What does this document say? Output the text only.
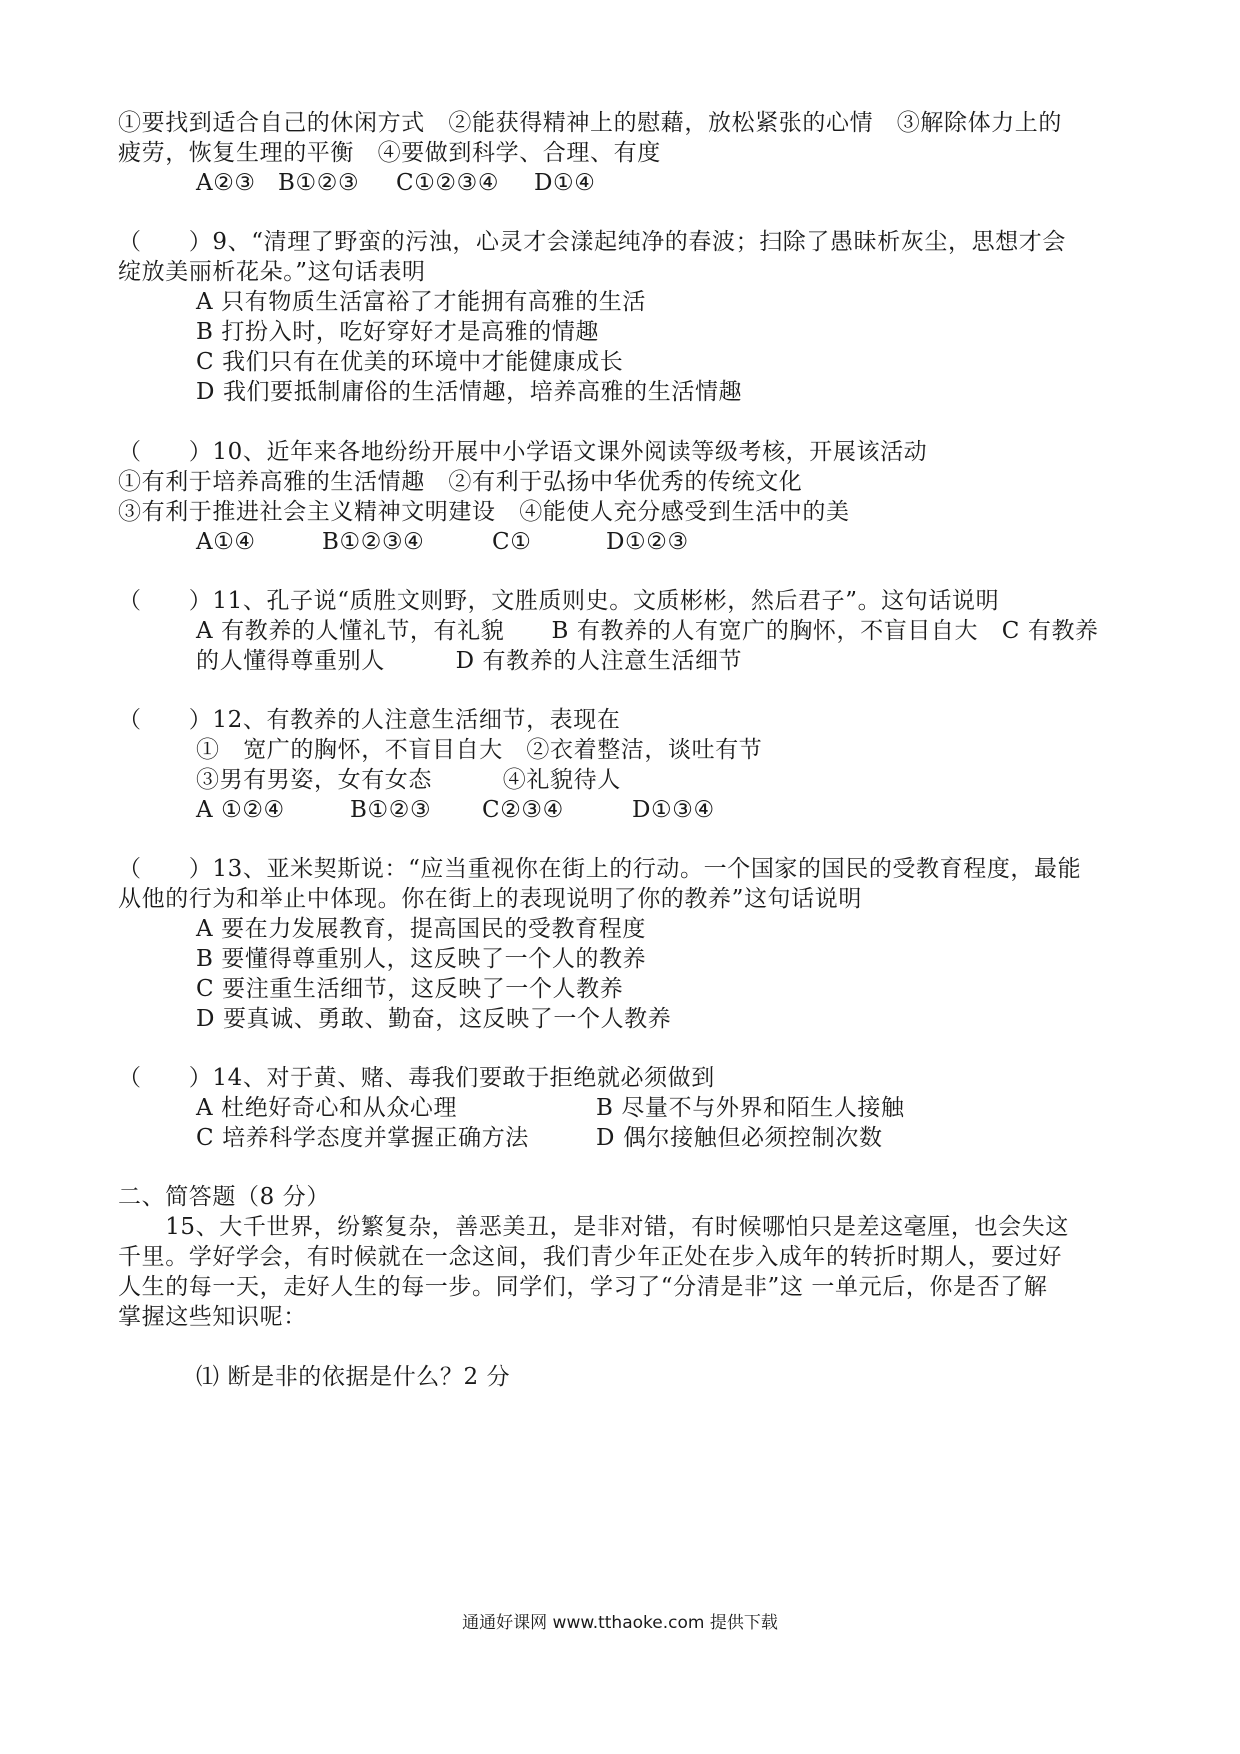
①要找到适合自己的休闲方式　②能获得精神上的慰藉，放松紧张的心情　③解除体力上的
疲劳，恢复生理的平衡　④要做到科学、合理、有度
A②③ B①②③ C①②③④ D①④
（　　）9、“清理了野蛮的污浊，心灵才会漾起纯净的春波；扫除了愚昧析灰尘，思想才会
绽放美丽析花朵。”这句话表明
A 只有物质生活富裕了才能拥有高雅的生活
B 打扮入时，吃好穿好才是高雅的情趣
C 我们只有在优美的环境中才能健康成长
D 我们要抵制庸俗的生活情趣，培养高雅的生活情趣
（　　）10、近年来各地纷纷开展中小学语文课外阅读等级考核，开展该活动
①有利于培养高雅的生活情趣　②有利于弘扬中华优秀的传统文化
③有利于推进社会主义精神文明建设　④能使人充分感受到生活中的美
A①④	B①②③④	C①	D①②③
（　　）11、孔子说“质胜文则野，文胜质则史。文质彬彬，然后君子”。这句话说明
A 有教养的人懂礼节，有礼貌　　B 有教养的人有宽广的胸怀，不盲目自大　C 有教养
的人懂得尊重别人　　　D 有教养的人注意生活细节
（　　）12、有教养的人注意生活细节，表现在
①　宽广的胸怀，不盲目自大　②衣着整洁，谈吐有节
③男有男姿，女有女态　　　④礼貌待人
A ①②④	B①②③ C②③④	D①③④
（　　）13、亚米契斯说：“应当重视你在街上的行动。一个国家的国民的受教育程度，最能
从他的行为和举止中体现。你在街上的表现说明了你的教养”这句话说明
A 要在力发展教育，提高国民的受教育程度
B 要懂得尊重别人，这反映了一个人的教养
C 要注重生活细节，这反映了一个人教养
D 要真诚、勇敢、勤奋，这反映了一个人教养
（　　）14、对于黄、赌、毒我们要敢于拒绝就必须做到
A 杜绝好奇心和从众心理	B 尽量不与外界和陌生人接触
C 培养科学态度并掌握正确方法	D 偶尔接触但必须控制次数
二、简答题（8 分）
　　15、大千世界，纷繁复杂，善恶美丑，是非对错，有时候哪怕只是差这毫厘，也会失这
千里。学好学会，有时候就在一念这间，我们青少年正处在步入成年的转折时期人，要过好
人生的每一天，走好人生的每一步。同学们，学习了“分清是非”这 一单元后，你是否了解
掌握这些知识呢：
⑴ 断是非的依据是什么？2 分
通通好课网 www.tthaoke.com 提供下载
